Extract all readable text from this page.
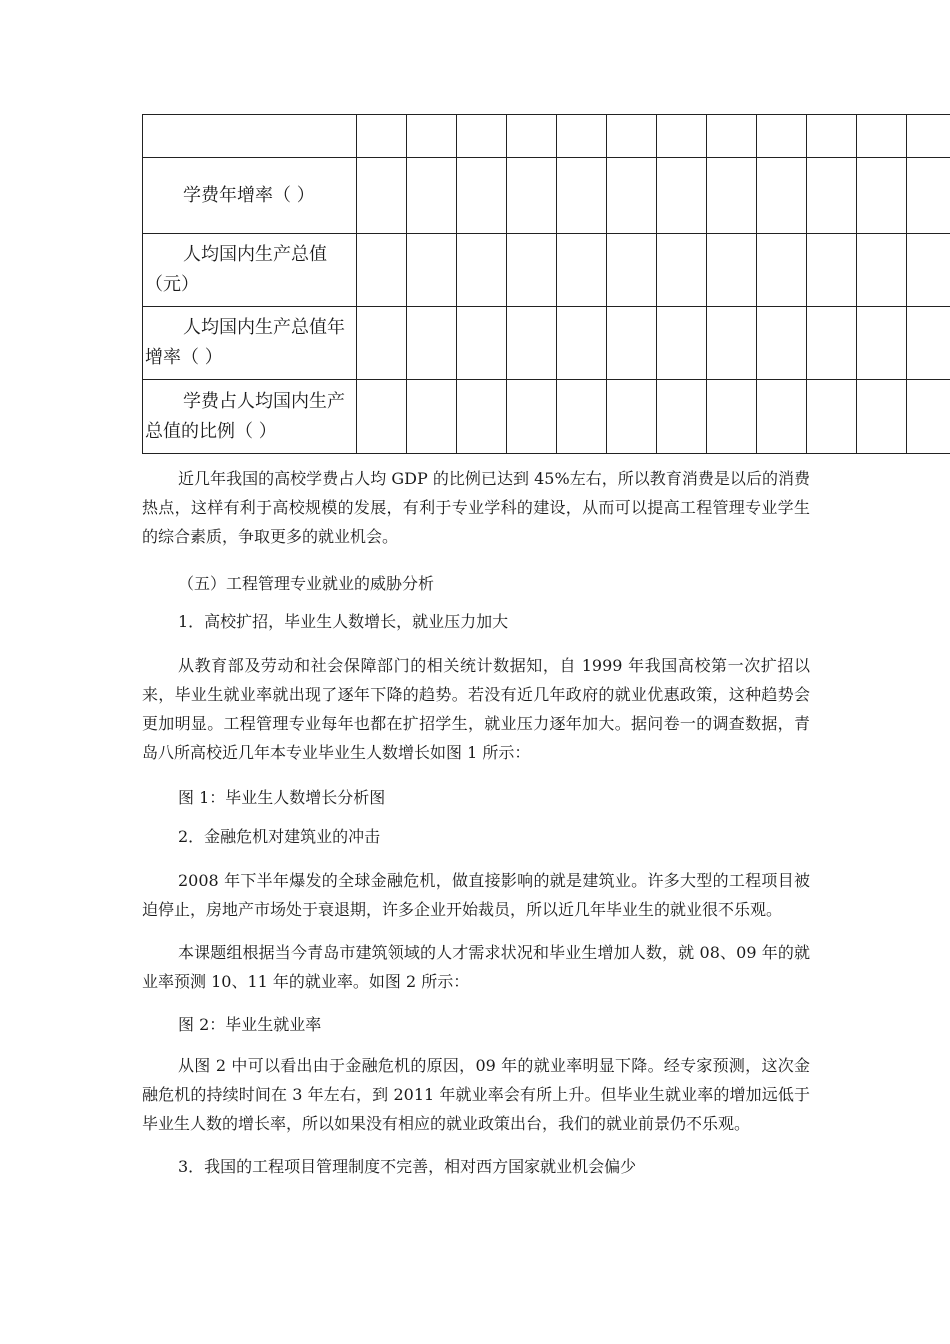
学费年增率（ ）												
人均国内生产总值（元）												
人均国内生产总值年增率（ ）												
学费占人均国内生产总值的比例（ ）												

近几年我国的高校学费占人均 GDP 的比例已达到 45%左右，所以教育消费是以后的消费热点，这样有利于高校规模的发展，有利于专业学科的建设，从而可以提高工程管理专业学生的综合素质，争取更多的就业机会。

（五）工程管理专业就业的威胁分析

1．高校扩招，毕业生人数增长，就业压力加大

从教育部及劳动和社会保障部门的相关统计数据知，自 1999 年我国高校第一次扩招以来，毕业生就业率就出现了逐年下降的趋势。若没有近几年政府的就业优惠政策，这种趋势会更加明显。工程管理专业每年也都在扩招学生，就业压力逐年加大。据问卷一的调查数据，青岛八所高校近几年本专业毕业生人数增长如图 1 所示：

图 1：毕业生人数增长分析图

2．金融危机对建筑业的冲击

2008 年下半年爆发的全球金融危机，做直接影响的就是建筑业。许多大型的工程项目被迫停止，房地产市场处于衰退期，许多企业开始裁员，所以近几年毕业生的就业很不乐观。

本课题组根据当今青岛市建筑领域的人才需求状况和毕业生增加人数，就 08、09 年的就业率预测 10、11 年的就业率。如图 2 所示：

图 2：毕业生就业率

从图 2 中可以看出由于金融危机的原因，09 年的就业率明显下降。经专家预测，这次金融危机的持续时间在 3 年左右，到 2011 年就业率会有所上升。但毕业生就业率的增加远低于毕业生人数的增长率，所以如果没有相应的就业政策出台，我们的就业前景仍不乐观。

3．我国的工程项目管理制度不完善，相对西方国家就业机会偏少
